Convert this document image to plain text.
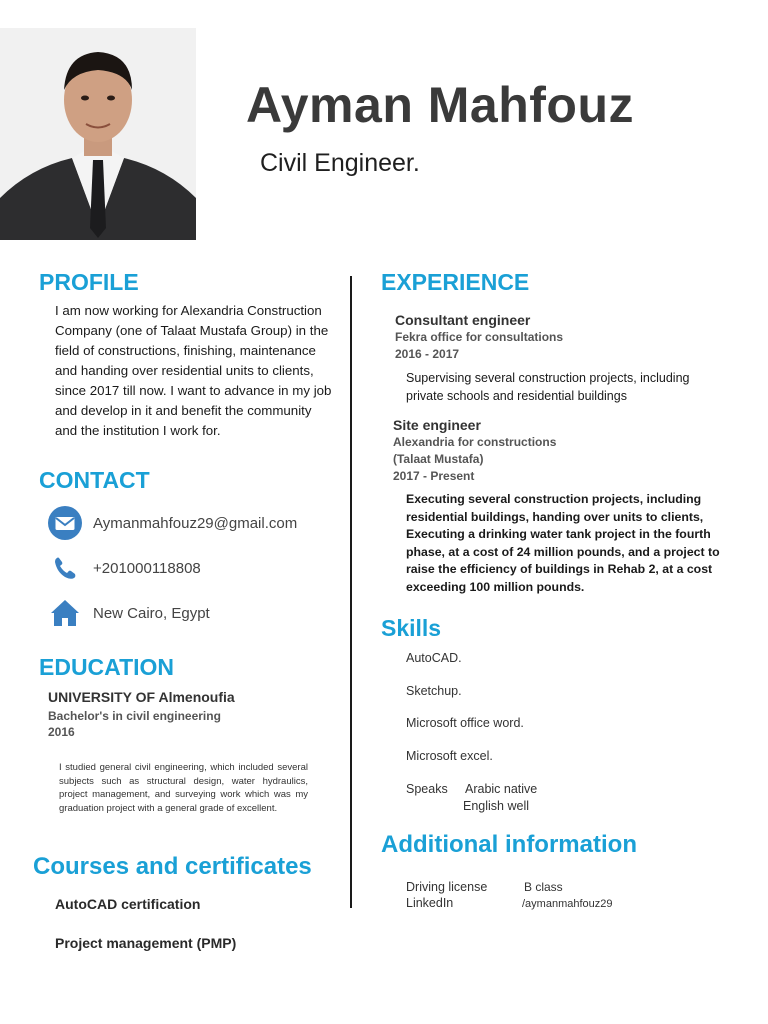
Ayman Mahfouz
Civil Engineer.
PROFILE
I am now working for Alexandria Construction Company (one of Talaat Mustafa Group) in the field of constructions, finishing, maintenance and handing over residential units to clients, since 2017 till now. I want to advance in my job and develop in it and benefit the community and the institution I work for.
CONTACT
Aymanmahfouz29@gmail.com
+201000118808
New Cairo, Egypt
EDUCATION
UNIVERSITY OF Almenoufia
Bachelor's in civil engineering
2016
I studied general civil engineering, which included several subjects such as structural design, water hydraulics, project management, and surveying work which was my graduation project with a general grade of excellent.
Courses and certificates
AutoCAD certification
Project management (PMP)
EXPERIENCE
Consultant engineer
Fekra office for consultations
2016 - 2017
Supervising several construction projects, including private schools and residential buildings
Site engineer
Alexandria for constructions
(Talaat Mustafa)
2017 - Present
Executing several construction projects, including residential buildings, handing over units to clients, Executing a drinking water tank project in the fourth phase, at a cost of 24 million pounds, and a project to raise the efficiency of buildings in Rehab 2, at a cost exceeding 100 million pounds.
Skills
AutoCAD.
Sketchup.
Microsoft office word.
Microsoft excel.
Speaks Arabic native
English well
Additional information
Driving license	B class
LinkedIn	/aymanmahfouz29
